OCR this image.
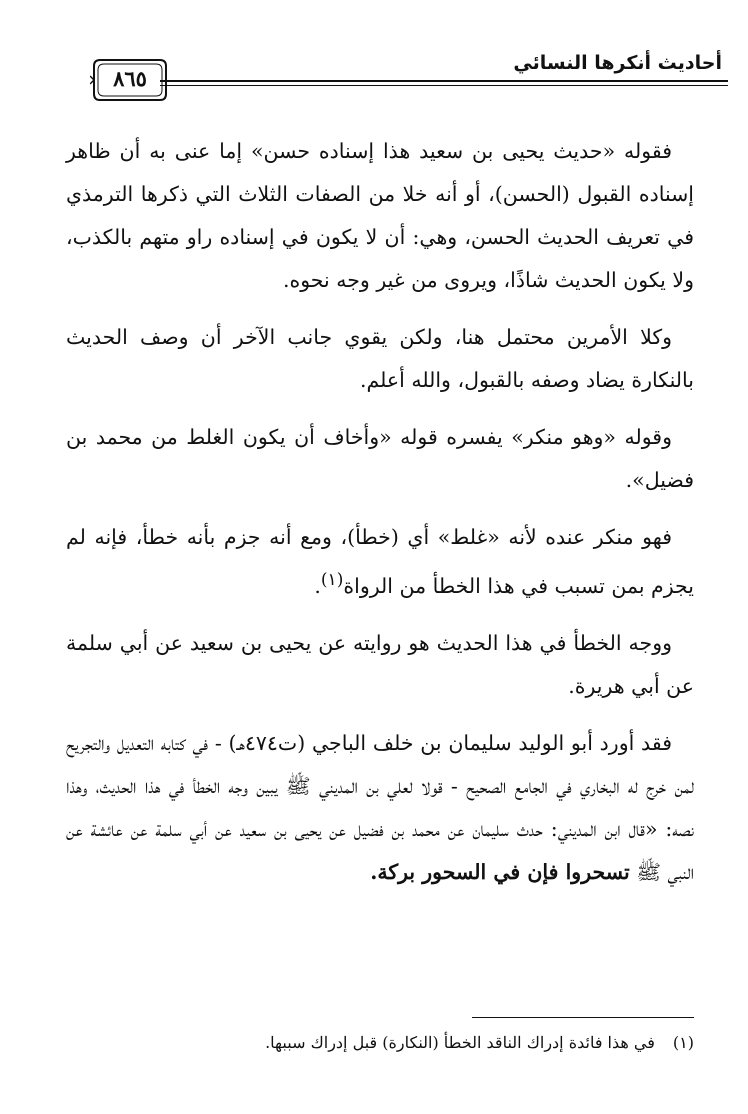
أحاديث أنكرها النسائي
٨٦٥

فقوله «حديث يحيى بن سعيد هذا إسناده حسن» إما عنى به أن ظاهر إسناده القبول (الحسن)، أو أنه خلا من الصفات الثلاث التي ذكرها الترمذي في تعريف الحديث الحسن، وهي: أن لا يكون في إسناده راو متهم بالكذب، ولا يكون الحديث شاذًا، ويروى من غير وجه نحوه.

وكلا الأمرين محتمل هنا، ولكن يقوي جانب الآخر أن وصف الحديث بالنكارة يضاد وصفه بالقبول، والله أعلم.

وقوله «وهو منكر» يفسره قوله «وأخاف أن يكون الغلط من محمد بن فضيل».

فهو منكر عنده لأنه «غلط» أي (خطأ)، ومع أنه جزم بأنه خطأ، فإنه لم يجزم بمن تسبب في هذا الخطأ من الرواة$^{(١)}$.

ووجه الخطأ في هذا الحديث هو روايته عن يحيى بن سعيد عن أبي سلمة عن أبي هريرة.

فقد أورد أبو الوليد سليمان بن خلف الباجي (ت٤٧٤هـ) - في كتابه التعديل والتجريح لمن خرج له البخاري في الجامع الصحيح - قولا لعلي بن المديني ﷺ يبين وجه الخطأ في هذا الحديث، وهذا نصه: «قال ابن المديني: حدث سليمان عن محمد بن فضيل عن يحيى بن سعيد عن أبي سلمة عن عائشة عن النبي ﷺ تسحروا فإن في السحور بركة.

(١)في هذا فائدة إدراك الناقد الخطأ (النكارة) قبل إدراك سببها.
